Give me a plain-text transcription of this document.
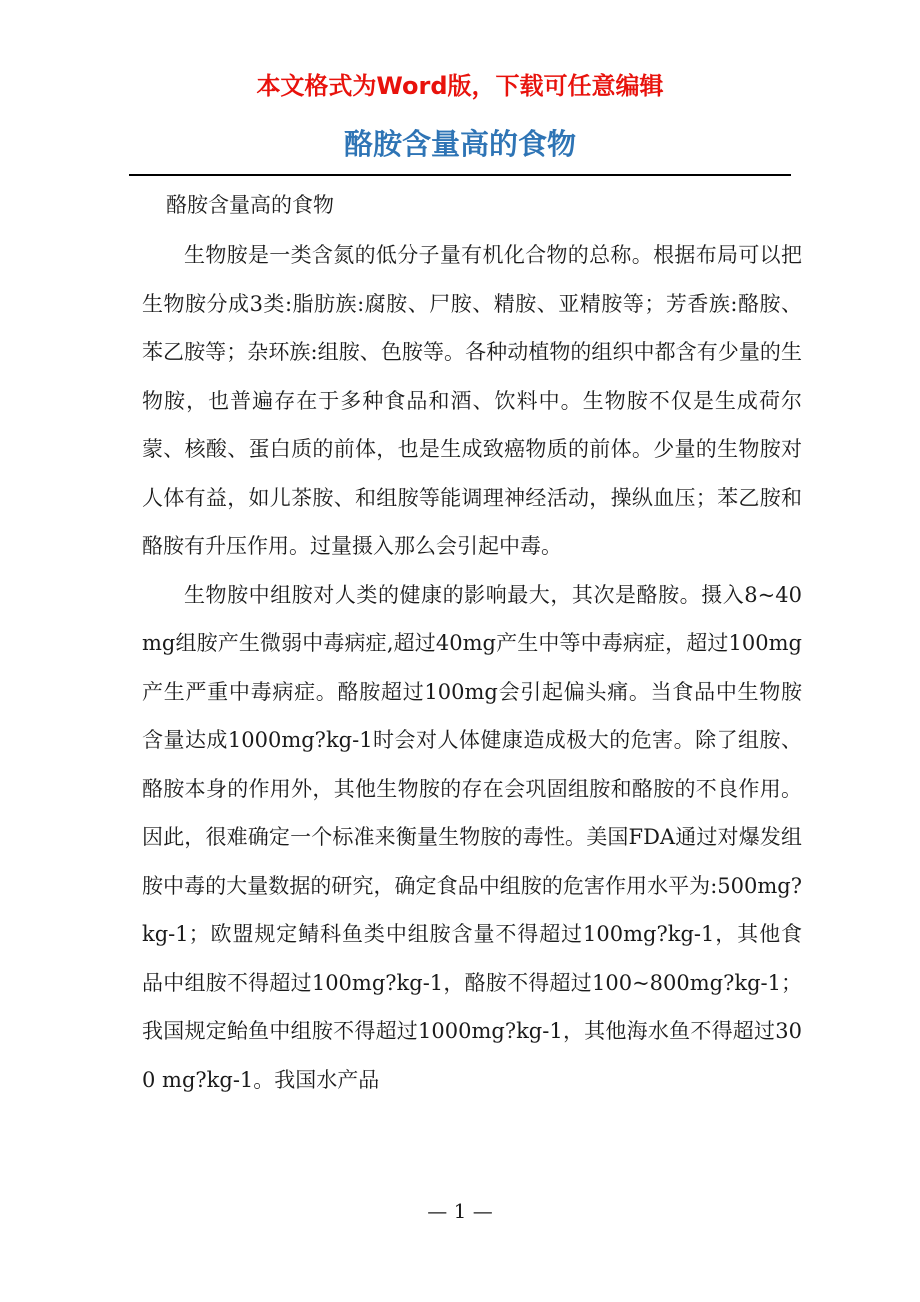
本文格式为Word版，下载可任意编辑

酪胺含量高的食物

酪胺含量高的食物

生物胺是一类含氮的低分子量有机化合物的总称。根据布局可以把生物胺分成3类:脂肪族:腐胺、尸胺、精胺、亚精胺等；芳香族:酪胺、苯乙胺等；杂环族:组胺、色胺等。各种动植物的组织中都含有少量的生物胺，也普遍存在于多种食品和酒、饮料中。生物胺不仅是生成荷尔蒙、核酸、蛋白质的前体，也是生成致癌物质的前体。少量的生物胺对人体有益，如儿茶胺、和组胺等能调理神经活动，操纵血压；苯乙胺和酪胺有升压作用。过量摄入那么会引起中毒。

生物胺中组胺对人类的健康的影响最大，其次是酪胺。摄入8~40mg组胺产生微弱中毒病症,超过40mg产生中等中毒病症，超过100mg产生严重中毒病症。酪胺超过100mg会引起偏头痛。当食品中生物胺含量达成1000mg?kg-1时会对人体健康造成极大的危害。除了组胺、酪胺本身的作用外，其他生物胺的存在会巩固组胺和酪胺的不良作用。因此，很难确定一个标准来衡量生物胺的毒性。美国FDA通过对爆发组胺中毒的大量数据的研究，确定食品中组胺的危害作用水平为:500mg?kg-1；欧盟规定鲭科鱼类中组胺含量不得超过100mg?kg-1，其他食品中组胺不得超过100mg?kg-1，酪胺不得超过100~800mg?kg-1；我国规定鲐鱼中组胺不得超过1000mg?kg-1，其他海水鱼不得超过300 mg?kg-1。我国水产品

— 1 —
